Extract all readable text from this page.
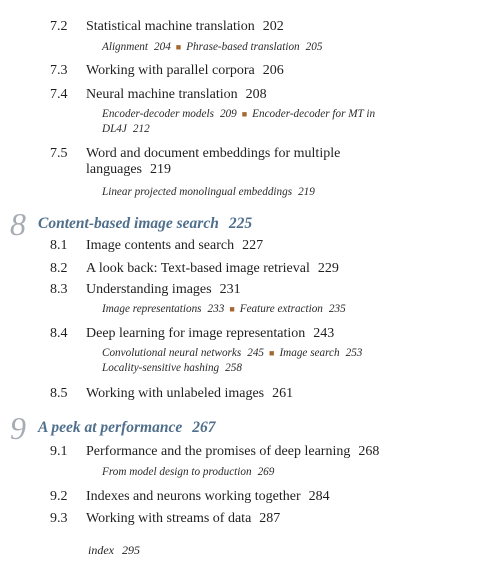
7.2 Statistical machine translation 202
Alignment 204 ■ Phrase-based translation 205
7.3 Working with parallel corpora 206
7.4 Neural machine translation 208
Encoder-decoder models 209 ■ Encoder-decoder for MT in DL4J 212
7.5 Word and document embeddings for multiple languages 219
Linear projected monolingual embeddings 219
8 Content-based image search 225
8.1 Image contents and search 227
8.2 A look back: Text-based image retrieval 229
8.3 Understanding images 231
Image representations 233 ■ Feature extraction 235
8.4 Deep learning for image representation 243
Convolutional neural networks 245 ■ Image search 253
Locality-sensitive hashing 258
8.5 Working with unlabeled images 261
9 A peek at performance 267
9.1 Performance and the promises of deep learning 268
From model design to production 269
9.2 Indexes and neurons working together 284
9.3 Working with streams of data 287
index 295
